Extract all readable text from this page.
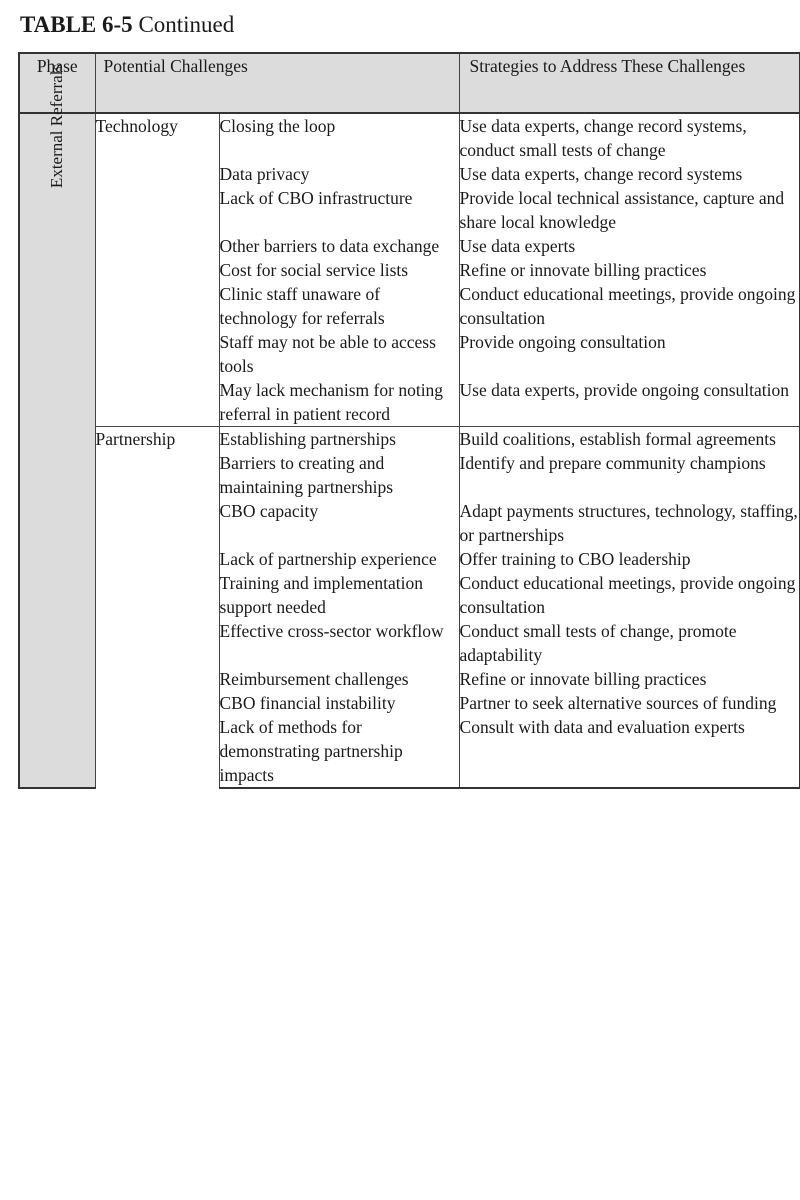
TABLE 6-5 Continued
Phase	Potential Challenges		Strategies to Address These Challenges

External Referrals	Technology	Closing the loop	Use data experts, change record systems, conduct small tests of change
		Data privacy	Use data experts, change record systems
		Lack of CBO infrastructure	Provide local technical assistance, capture and share local knowledge
		Other barriers to data exchange	Use data experts
		Cost for social service lists	Refine or innovate billing practices
		Clinic staff unaware of technology for referrals	Conduct educational meetings, provide ongoing consultation
		Staff may not be able to access tools	Provide ongoing consultation
		May lack mechanism for noting referral in patient record	Use data experts, provide ongoing consultation
	Partnership	Establishing partnerships	Build coalitions, establish formal agreements
		Barriers to creating and maintaining partnerships	Identify and prepare community champions
		CBO capacity	Adapt payments structures, technology, staffing, or partnerships
		Lack of partnership experience	Offer training to CBO leadership
		Training and implementation support needed	Conduct educational meetings, provide ongoing consultation
		Effective cross-sector workflow	Conduct small tests of change, promote adaptability
		Reimbursement challenges	Refine or innovate billing practices
		CBO financial instability	Partner to seek alternative sources of funding
		Lack of methods for demonstrating partnership impacts	Consult with data and evaluation experts
